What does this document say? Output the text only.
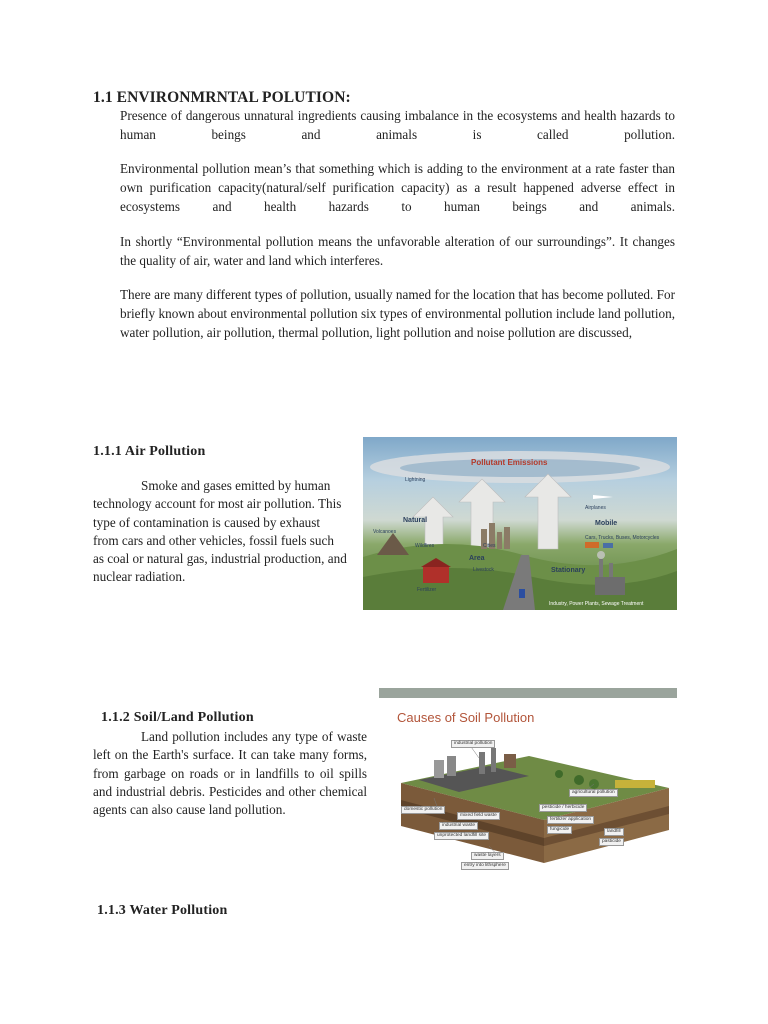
1.1 ENVIRONMRNTAL POLUTION:

Presence of dangerous unnatural ingredients causing imbalance in the ecosystems and health hazards to human beings and animals is called pollution.

Environmental pollution mean’s that something which is adding to the environment at a rate faster than own purification capacity(natural/self purification capacity) as a result happened adverse effect in ecosystems and health hazards to human beings and animals.

In shortly “Environmental pollution means the unfavorable alteration of our surroundings”. It changes the quality of air, water and land which interferes.

There are many different types of pollution, usually named for the location that has become polluted. For briefly known about environmental pollution six types of environmental pollution include land pollution, water pollution, air pollution, thermal pollution, light pollution and noise pollution are discussed,

1.1.1 Air Pollution

Smoke and gases emitted by human technology account for most air pollution. This type of contamination is caused by exhaust from cars and other vehicles, fossil fuels such as coal or natural gas, industrial production, and nuclear radiation.

Pollutant Emissions
Lightning
Natural
Volcanoes
Wildfires	Cities
Area
Livestock
Fertilizer
Airplanes
Mobile
Cars, Trucks, Buses, Motorcycles
Stationary
Industry, Power Plants, Sewage Treatment
Causes of Soil Pollution
industrial pollution
agricultural pollution
domestic pollution
mixed field waste
pesticide / herbicide
industrial waste
fertilizer application
unprotected landfill site
fungicide	landfill
waste layers
entry into lithsphere
pasticide
1.1.2 Soil/Land Pollution

Land pollution includes any type of waste left on the Earth's surface. It can take many forms, from garbage on roads or in landfills to oil spills and industrial debris. Pesticides and other chemical agents can also cause land pollution.

1.1.3 Water Pollution
